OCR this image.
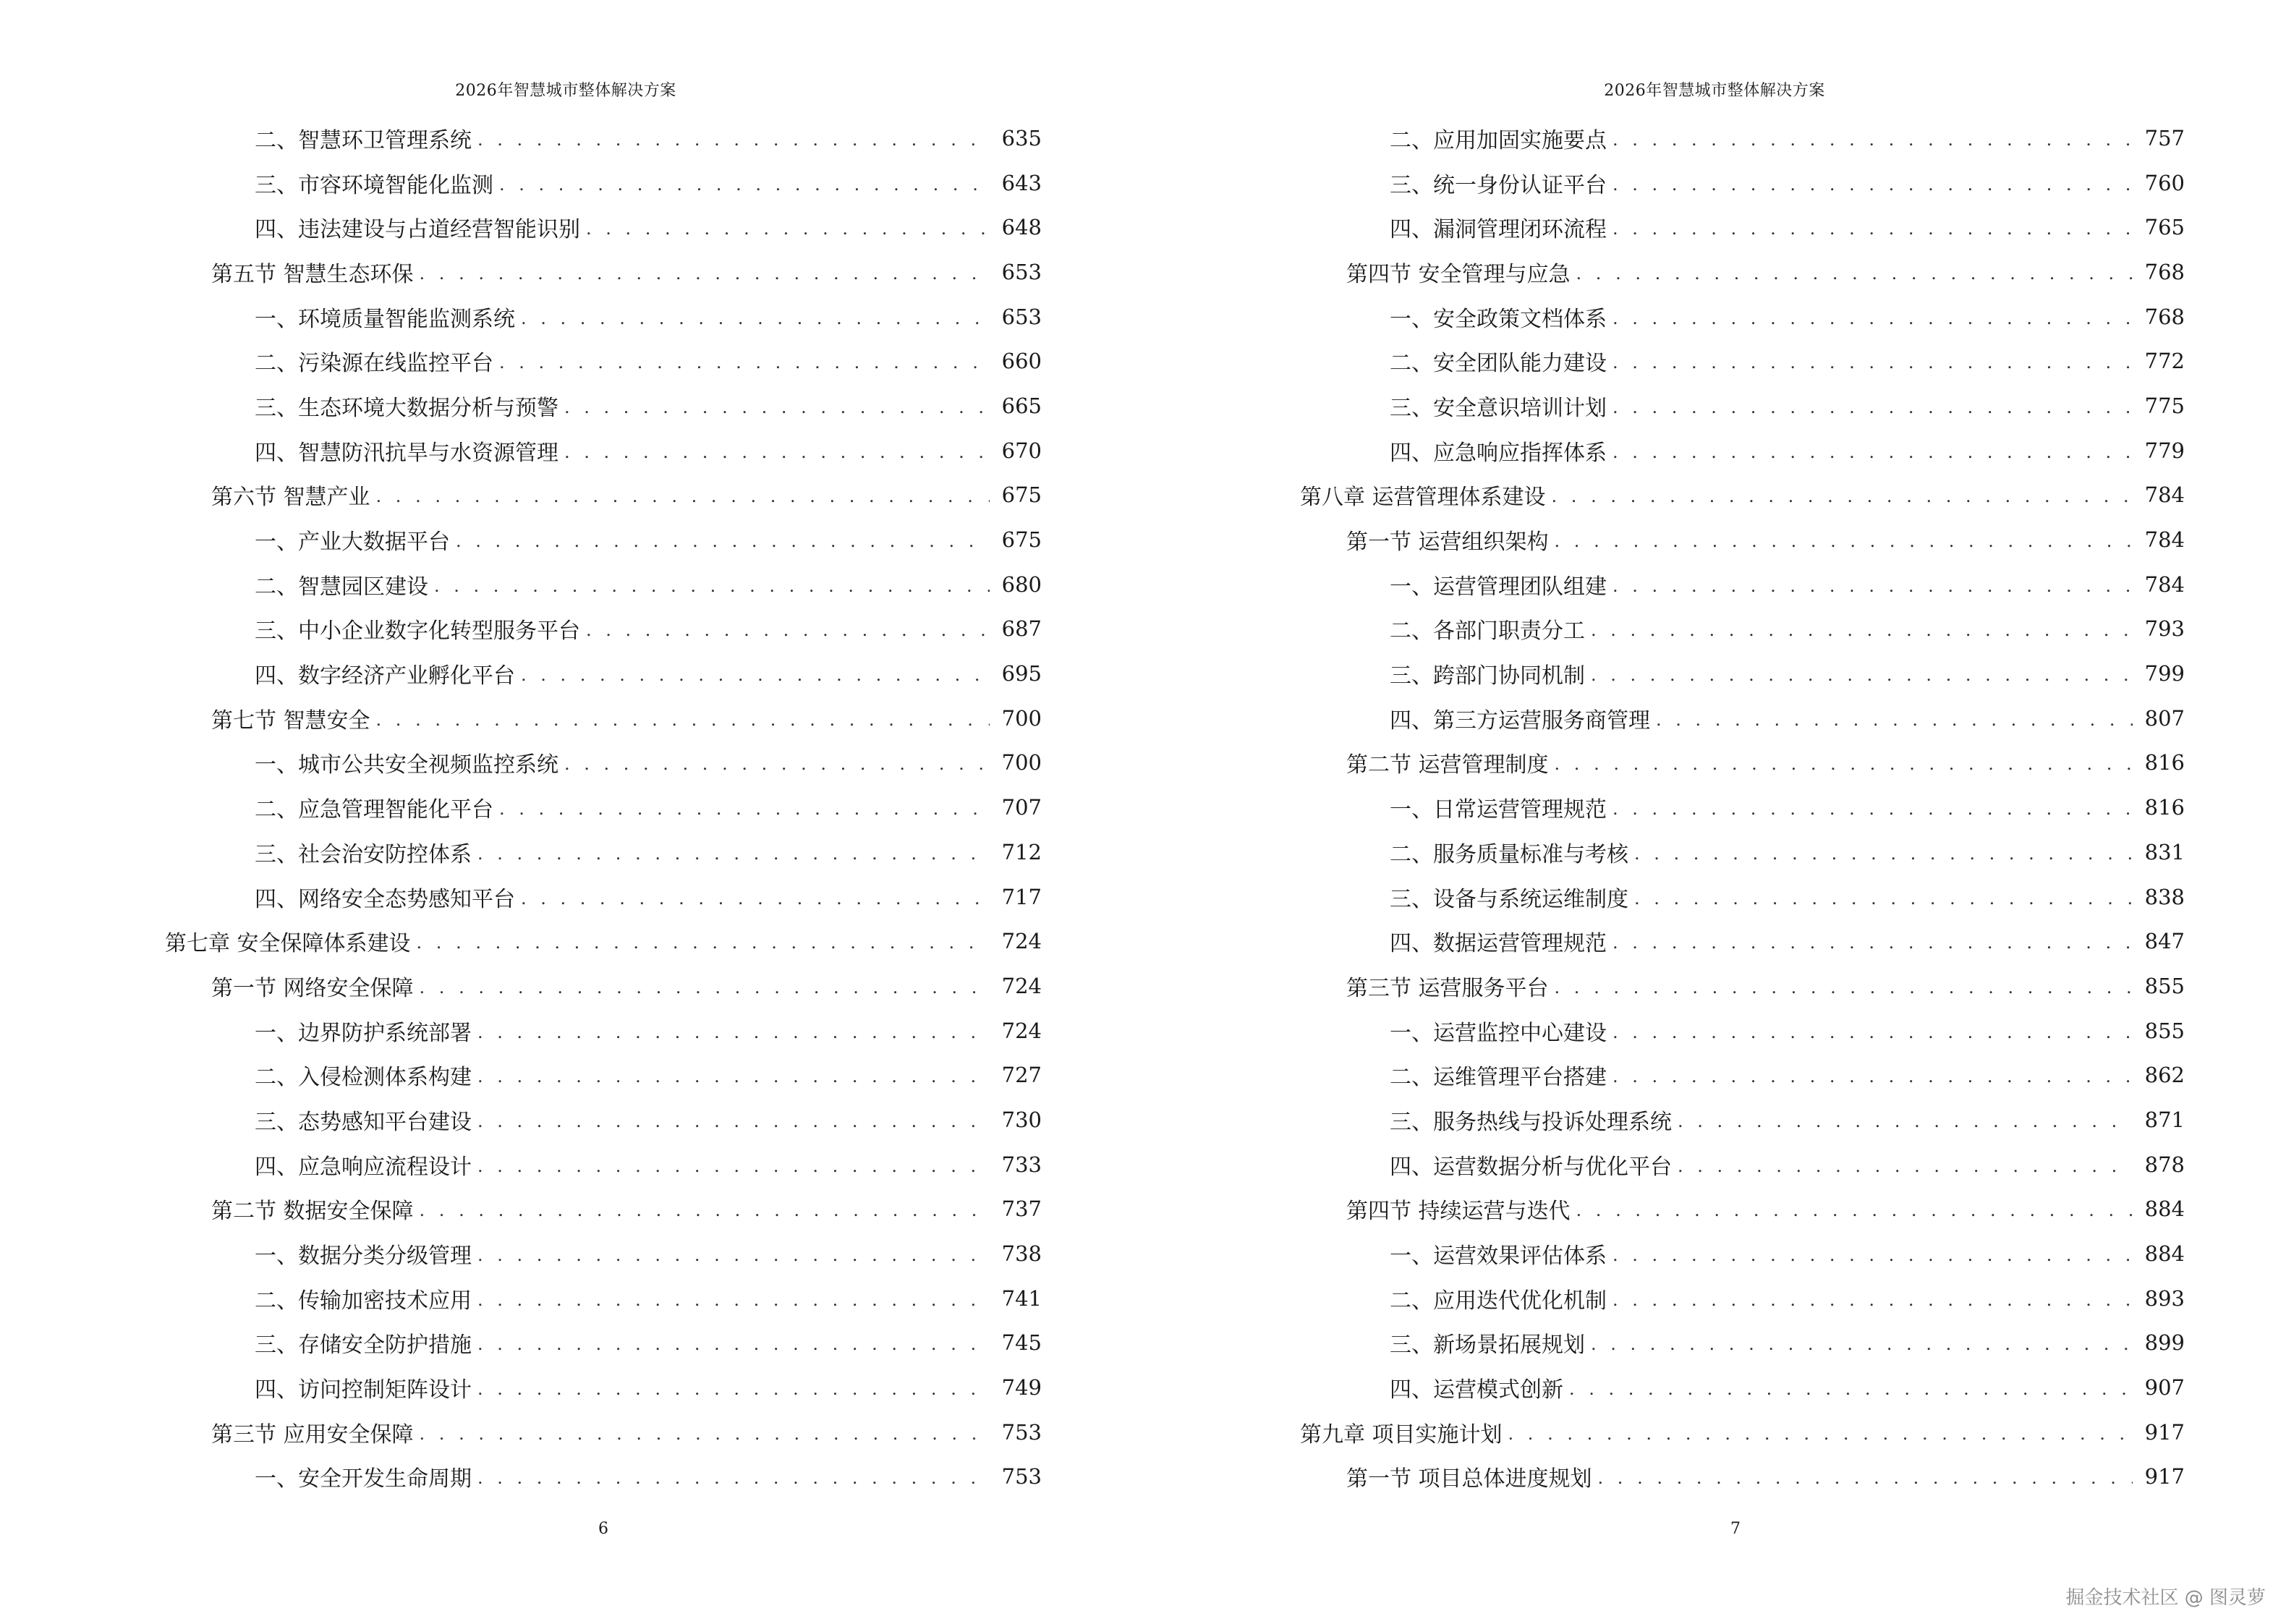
2026年智慧城市整体解决方案
二、智慧环卫管理系统 . . .	635
三、市容环境智能化监测 . . .	643
四、违法建设与占道经营智能识别 . . .	648
第五节 智慧生态环保 . . .	653
一、环境质量智能监测系统 . . .	653
二、污染源在线监控平台 . . .	660
三、生态环境大数据分析与预警 . . .	665
四、智慧防汛抗旱与水资源管理 . . .	670
第六节 智慧产业 . . .	675
一、产业大数据平台 . . .	675
二、智慧园区建设 . . .	680
三、中小企业数字化转型服务平台 . . .	687
四、数字经济产业孵化平台 . . .	695
第七节 智慧安全 . . .	700
一、城市公共安全视频监控系统 . . .	700
二、应急管理智能化平台 . . .	707
三、社会治安防控体系 . . .	712
四、网络安全态势感知平台 . . .	717
第七章 安全保障体系建设 . . .	724
第一节 网络安全保障 . . .	724
一、边界防护系统部署 . . .	724
二、入侵检测体系构建 . . .	727
三、态势感知平台建设 . . .	730
四、应急响应流程设计 . . .	733
第二节 数据安全保障 . . .	737
一、数据分类分级管理 . . .	738
二、传输加密技术应用 . . .	741
三、存储安全防护措施 . . .	745
四、访问控制矩阵设计 . . .	749
第三节 应用安全保障 . . .	753
一、安全开发生命周期 . . .	753
6
2026年智慧城市整体解决方案
二、应用加固实施要点 . . .	757
三、统一身份认证平台 . . .	760
四、漏洞管理闭环流程 . . .	765
第四节 安全管理与应急 . . .	768
一、安全政策文档体系 . . .	768
二、安全团队能力建设 . . .	772
三、安全意识培训计划 . . .	775
四、应急响应指挥体系 . . .	779
第八章 运营管理体系建设 . . .	784
第一节 运营组织架构 . . .	784
一、运营管理团队组建 . . .	784
二、各部门职责分工 . . .	793
三、跨部门协同机制 . . .	799
四、第三方运营服务商管理 . . .	807
第二节 运营管理制度 . . .	816
一、日常运营管理规范 . . .	816
二、服务质量标准与考核 . . .	831
三、设备与系统运维制度 . . .	838
四、数据运营管理规范 . . .	847
第三节 运营服务平台 . . .	855
一、运营监控中心建设 . . .	855
二、运维管理平台搭建 . . .	862
三、服务热线与投诉处理系统 . . .	871
四、运营数据分析与优化平台 . . .	878
第四节 持续运营与迭代 . . .	884
一、运营效果评估体系 . . .	884
二、应用迭代优化机制 . . .	893
三、新场景拓展规划 . . .	899
四、运营模式创新 . . .	907
第九章 项目实施计划 . . .	917
第一节 项目总体进度规划 . . .	917
7
掘金技术社区 @ 图灵萝
